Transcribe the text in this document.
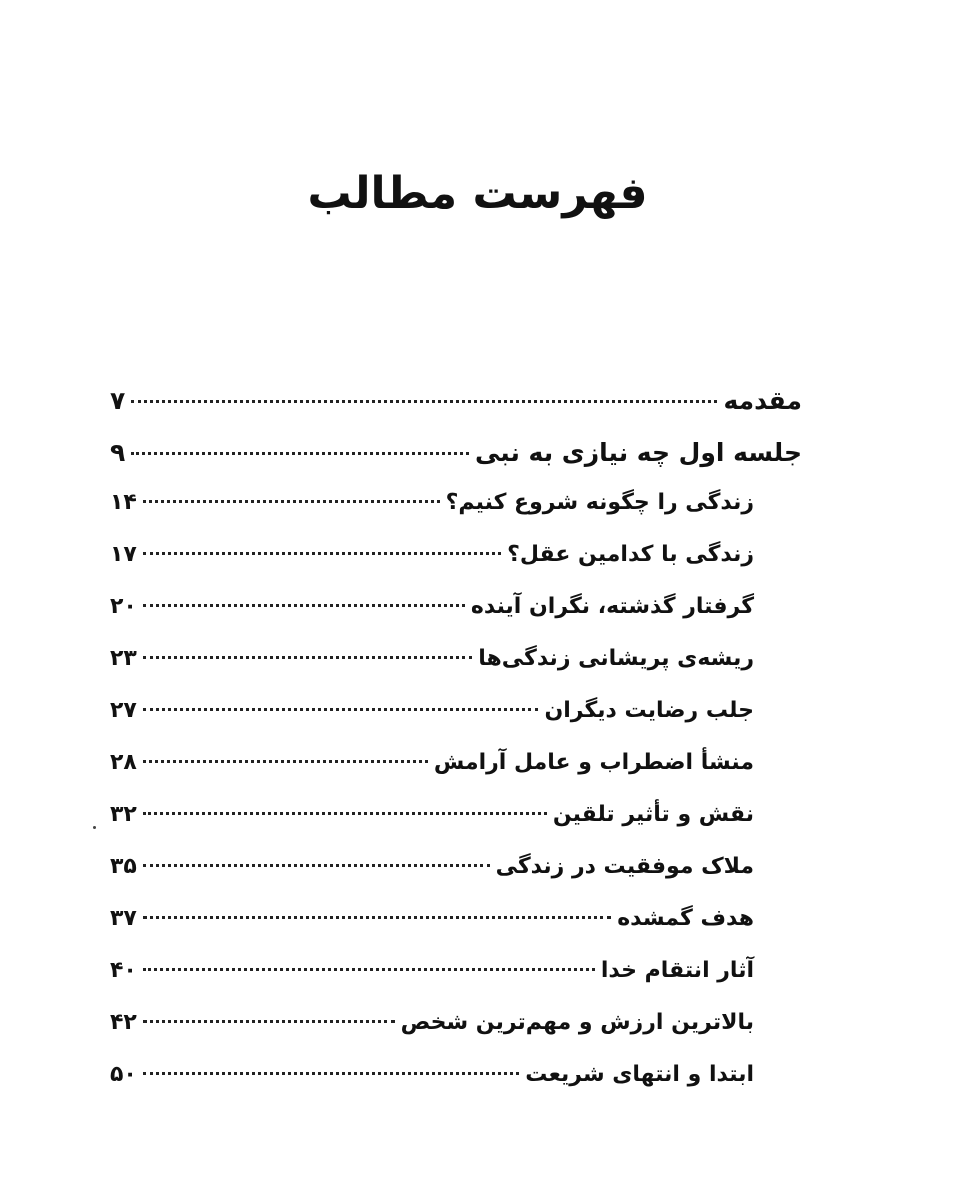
فهرست مطالب
مقدمه
۷
جلسه اول چه نیازی به نبی
۹
زندگی را چگونه شروع کنیم؟
۱۴
زندگی با کدامین عقل؟
۱۷
گرفتار گذشته، نگران آینده
۲۰
ریشه‌ی پریشانی زندگی‌ها
۲۳
جلب رضایت دیگران
۲۷
منشأ اضطراب و عامل آرامش
۲۸
نقش و تأثیر تلقین
۳۲
ملاک موفقیت در زندگی
۳۵
هدف گمشده
۳۷
آثار انتقام خدا
۴۰
بالاترین ارزش و مهم‌ترین شخص
۴۲
ابتدا و انتهای شریعت
۵۰
